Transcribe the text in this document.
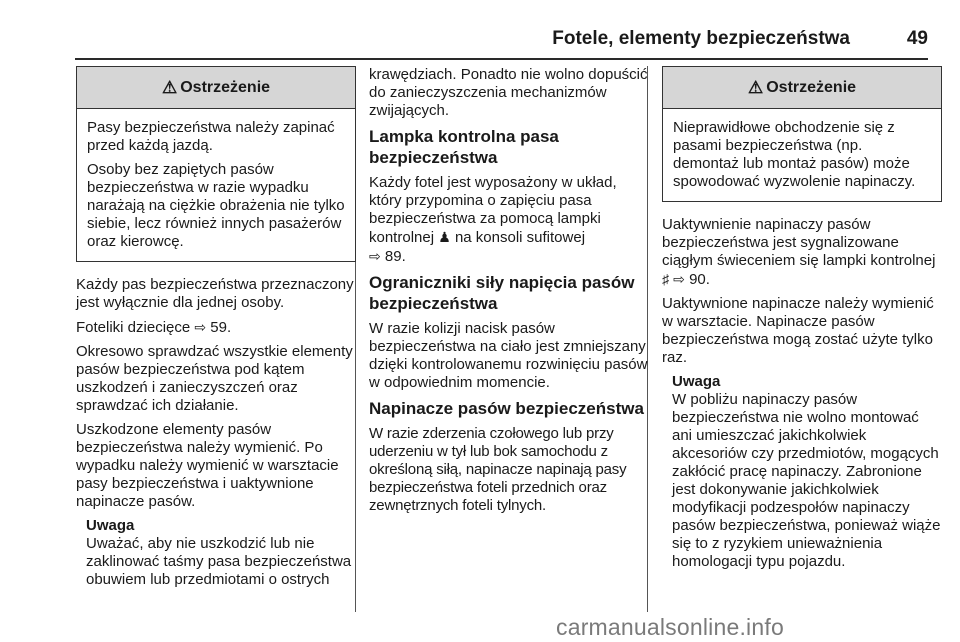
Fotele, elementy bezpieczeństwa	49
⚠ Ostrzeżenie

Pasy bezpieczeństwa należy zapinać przed każdą jazdą.

Osoby bez zapiętych pasów bezpieczeństwa w razie wypadku narażają na ciężkie obrażenia nie tylko siebie, lecz również innych pasażerów oraz kierowcę.

Każdy pas bezpieczeństwa przeznaczony jest wyłącznie dla jednej osoby.

Foteliki dziecięce ⇨ 59.

Okresowo sprawdzać wszystkie elementy pasów bezpieczeństwa pod kątem uszkodzeń i zanieczyszczeń oraz sprawdzać ich działanie.

Uszkodzone elementy pasów bezpieczeństwa należy wymienić. Po wypadku należy wymienić w warsztacie pasy bezpieczeństwa i uaktywnione napinacze pasów.

Uwaga

Uważać, aby nie uszkodzić lub nie zaklinować taśmy pasa bezpieczeństwa obuwiem lub przedmiotami o ostrych

krawędziach. Ponadto nie wolno dopuścić do zanieczyszczenia mechanizmów zwijających.

Lampka kontrolna pasa bezpieczeństwa

Każdy fotel jest wyposażony w układ, który przypomina o zapięciu pasa bezpieczeństwa za pomocą lampki kontrolnej ♟ na konsoli sufitowej
⇨ 89.

Ograniczniki siły napięcia pasów bezpieczeństwa

W razie kolizji nacisk pasów bezpieczeństwa na ciało jest zmniejszany dzięki kontrolowanemu rozwinięciu pasów w odpowiednim momencie.

Napinacze pasów bezpieczeństwa

W razie zderzenia czołowego lub przy uderzeniu w tył lub bok samochodu z określoną siłą, napinacze napinają pasy bezpieczeństwa foteli przednich oraz zewnętrznych foteli tylnych.

⚠ Ostrzeżenie

Nieprawidłowe obchodzenie się z pasami bezpieczeństwa (np. demontaż lub montaż pasów) może spowodować wyzwolenie napinaczy.

Uaktywnienie napinaczy pasów bezpieczeństwa jest sygnalizowane ciągłym świeceniem się lampki kontrolnej ♯ ⇨ 90.

Uaktywnione napinacze należy wymienić w warsztacie. Napinacze pasów bezpieczeństwa mogą zostać użyte tylko raz.

Uwaga

W pobliżu napinaczy pasów bezpieczeństwa nie wolno montować ani umieszczać jakichkolwiek akcesoriów czy przedmiotów, mogących zakłócić pracę napinaczy. Zabronione jest dokonywanie jakichkolwiek modyfikacji podzespołów napinaczy pasów bezpieczeństwa, ponieważ wiąże się to z ryzykiem unieważnienia homologacji typu pojazdu.

carmanualsonline.info
